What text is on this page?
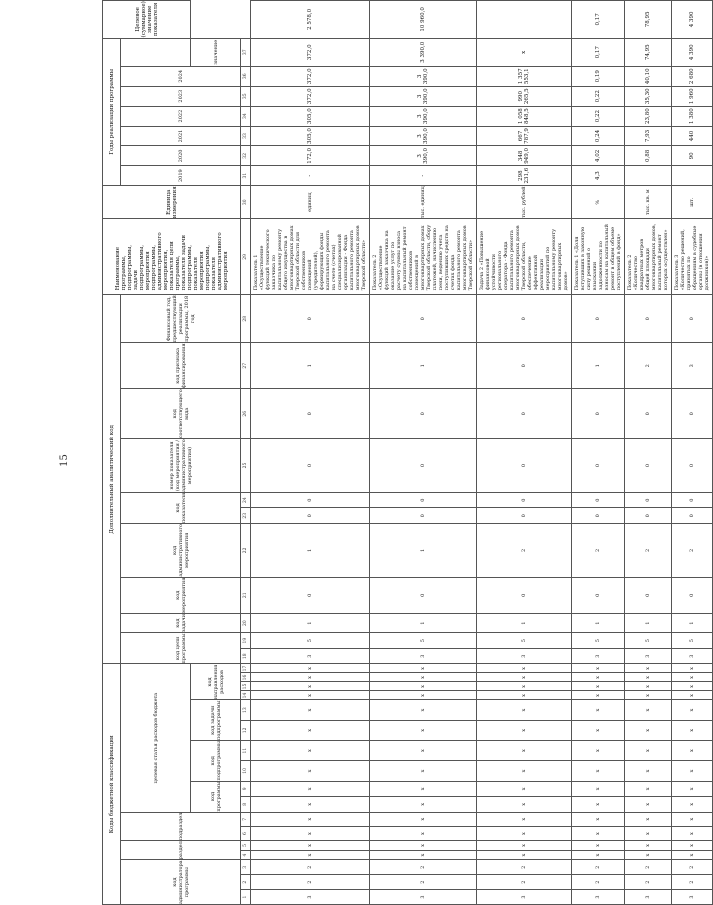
15
Коды бюджетной классификации																	Дополнительный аналитический код											Наименование программы, подпрограммы, задачи подпрограммы, мероприятия подпрограммы, административного мероприятия, показателя цели программы, показателя задачи подпрограммы, показателя мероприятия подпрограммы, показателя административного мероприятия	Единица измерения	Годы реализации программы							Целевое (суммарное) значение показателя
код администратора программы			раздел		подраздел		целевая статья расходов бюджета										код цели программы		код задачи	код мероприятия	код административного мероприятия	код показателя		номер показателя (код мероприятия / административного мероприятия)	код соответствующего вида	код признака финансирования	Финансовый год, предшествующий реализации программы, 2018 год			2019	2020	2021	2022	2023	2024		
							код программы		код подпрограммы		код задачи подпрограммы		код направления расходов																							значение	
1	2	3	4	5	6	7	8	9	10	11	12	13	14	15	16	17	18	19	20	21	22	23	24	25	26	27	28	29	30	31	32	33	34	35	36	37	
3	2	2	x	x	x	x	x	x	x	x	x	x	x	x	x	x	3	5	1	0	1	0	0	0	0	1	0	Показатель 1 «Осуществление функций технического заказчика по капитальному ремонту общего имущества в многоквартирных домах Тверской области для собственников помещений (учредителей), формирующих фонды капитального ремонта на счете (счетах) специализированной организации - Фонда капитального ремонта многоквартирных домов Тверской области»	единиц	-	172,0	305,0	305,0	372,0	372,0	372,0	2 578,0
3	2	2	x	x	x	x	x	x	x	x	x	x	x	x	x	x	3	5	1	0	1	0	0	0	0	1	0	Показатель 2 «Осуществление функций заказчика на оказание услуг по расчету суммы взноса на капитальный ремонт собственников помещений в многоквартирных домах Тверской области, сбору платежей, начислению пени, ведению учета поступивших средств на счетах фонда капитального ремонта многоквартирных домов Тверской области»	тыс. единиц	-	3 390,0	3 390,0	3 390,0	3 390,0	3 390,0	3 390,0	10 960,0
3	2	2	x	x	x	x	x	x	x	x	x	x	x	x	x	x	3	5	1	0	2	0	0	0	0	0	0	Задача 2 «Повышение финансовой устойчивости регионального оператора - Фонда капитального ремонта многоквартирных домов Тверской области, обеспечение эффективной реализации мероприятий по капитальному ремонту многоквартирных домов»	тыс. рублей	298 231,6	348 949,0	667 787,9	1 058 848,5	990 265,5	1 357 553,1	x	
3	2	2	x	x	x	x	x	x	x	x	x	x	x	x	x	x	3	5	1	0	2	0	0	0	0	1	0	Показатель 1 «Доля вступивших в законную силу решений о взыскании задолженности по взносам на капитальный ремонт в общем объеме поступлений в фонд»	%	4,3	4,02	0,24	0,22	0,22	0,19	0,17	0,17
3	2	2	x	x	x	x	x	x	x	x	x	x	x	x	x	x	3	5	1	0	2	0	0	0	0	2	0	Показатель 2 «Количество квадратных метров общей площади многоквартирных домов, капитальный ремонт которых осуществлен»	тыс. кв. м		0,88	7,93	23,80	35,30	40,10	74,95	78,95
3	2	2	x	x	x	x	x	x	x	x	x	x	x	x	x	x	3	5	1	0	2	0	0	0	0	3	0	Показатель 3 «Количество решений, принятых по обращениям в судебные органы (в отношении должников)»	шт.		90	440	1 380	1 960	2 680	4 390	4 390
